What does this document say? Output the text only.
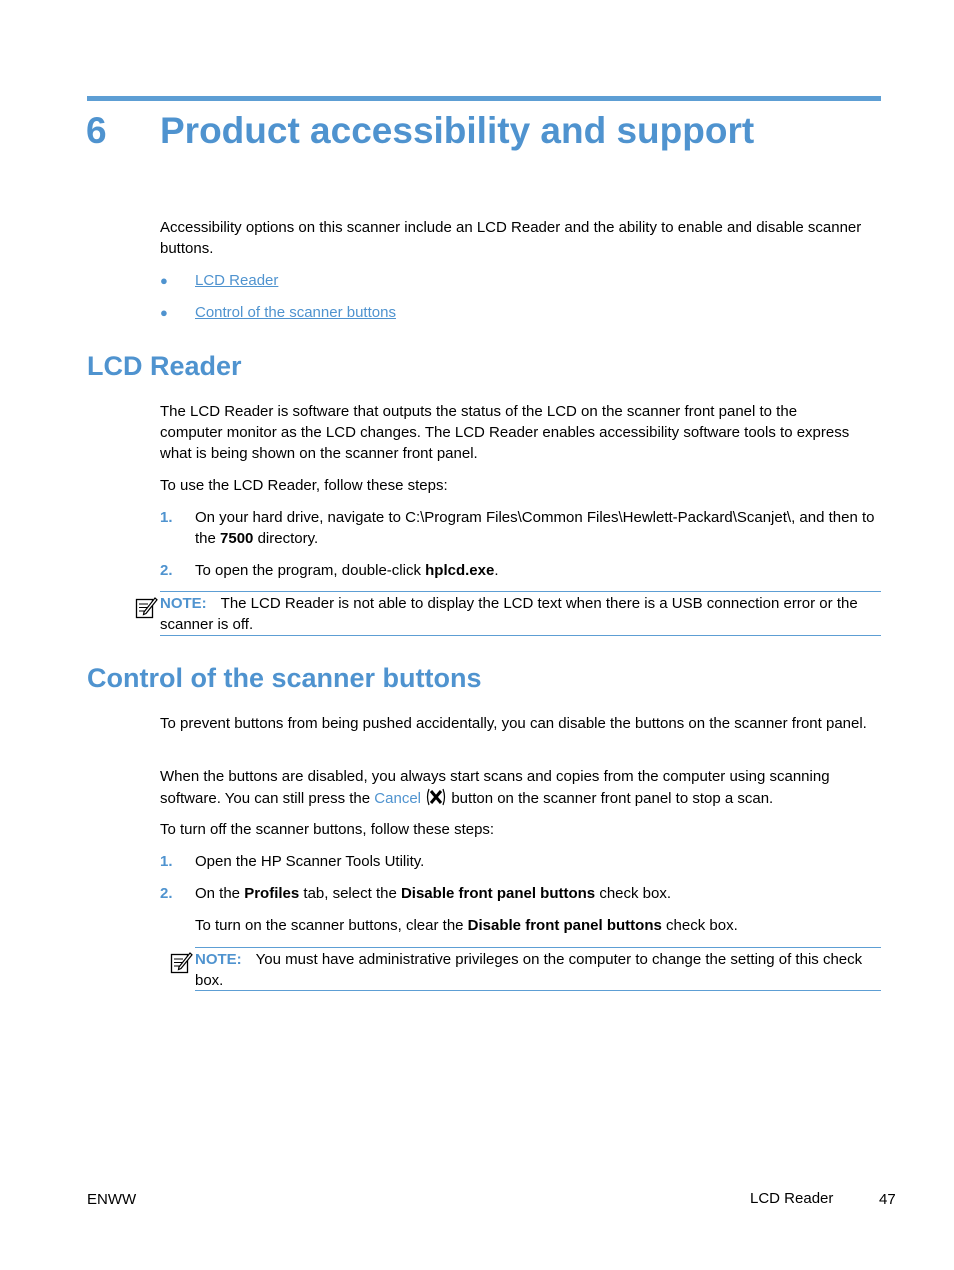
6 Product accessibility and support

Accessibility options on this scanner include an LCD Reader and the ability to enable and disable scanner buttons.

● LCD Reader
● Control of the scanner buttons
LCD Reader

The LCD Reader is software that outputs the status of the LCD on the scanner front panel to the computer monitor as the LCD changes. The LCD Reader enables accessibility software tools to express what is being shown on the scanner front panel.

To use the LCD Reader, follow these steps:

1. On your hard drive, navigate to C:\Program Files\Common Files\Hewlett-Packard\Scanjet\, and then to the 7500 directory.

2. To open the program, double-click hplcd.exe.

NOTE: The LCD Reader is not able to display the LCD text when there is a USB connection error or the scanner is off.

Control of the scanner buttons

To prevent buttons from being pushed accidentally, you can disable the buttons on the scanner front panel.

When the buttons are disabled, you always start scans and copies from the computer using scanning software. You can still press the Cancel  button on the scanner front panel to stop a scan.

To turn off the scanner buttons, follow these steps:

1. Open the HP Scanner Tools Utility.

2. On the Profiles tab, select the Disable front panel buttons check box.

To turn on the scanner buttons, clear the Disable front panel buttons check box.

NOTE: You must have administrative privileges on the computer to change the setting of this check box.

ENWW	LCD Reader	47
